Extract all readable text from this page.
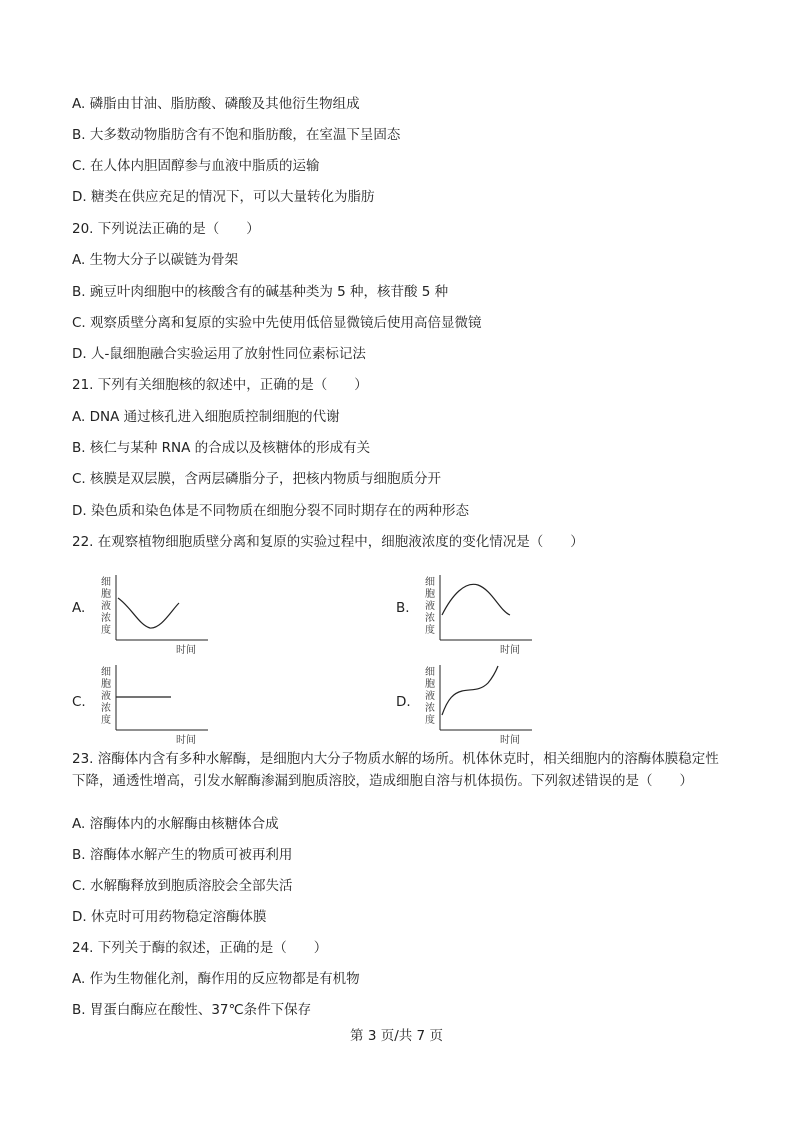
A. 磷脂由甘油、脂肪酸、磷酸及其他衍生物组成
B. 大多数动物脂肪含有不饱和脂肪酸，在室温下呈固态
C. 在人体内胆固醇参与血液中脂质的运输
D. 糖类在供应充足的情况下，可以大量转化为脂肪
20. 下列说法正确的是（　　）
A. 生物大分子以碳链为骨架
B. 豌豆叶肉细胞中的核酸含有的碱基种类为 5 种，核苷酸 5 种
C. 观察质壁分离和复原的实验中先使用低倍显微镜后使用高倍显微镜
D. 人-鼠细胞融合实验运用了放射性同位素标记法
21. 下列有关细胞核的叙述中，正确的是（　　）
A. DNA 通过核孔进入细胞质控制细胞的代谢
B. 核仁与某种 RNA 的合成以及核糖体的形成有关
C. 核膜是双层膜，含两层磷脂分子，把核内物质与细胞质分开
D. 染色质和染色体是不同物质在细胞分裂不同时期存在的两种形态
22. 在观察植物细胞质壁分离和复原的实验过程中，细胞液浓度的变化情况是（　　）
A.
细
胞
液
浓
度
时间
B.
细
胞
液
浓
度
时间
C.
细
胞
液
浓
度
时间
D.
细
胞
液
浓
度
时间
23. 溶酶体内含有多种水解酶，是细胞内大分子物质水解的场所。机体休克时，相关细胞内的溶酶体膜稳定性下降，通透性增高，引发水解酶渗漏到胞质溶胶，造成细胞自溶与机体损伤。下列叙述错误的是（　　）
A. 溶酶体内的水解酶由核糖体合成
B. 溶酶体水解产生的物质可被再利用
C. 水解酶释放到胞质溶胶会全部失活
D. 休克时可用药物稳定溶酶体膜
24. 下列关于酶的叙述，正确的是（　　）
A. 作为生物催化剂，酶作用的反应物都是有机物
B. 胃蛋白酶应在酸性、37℃条件下保存
第 3 页/共 7 页
